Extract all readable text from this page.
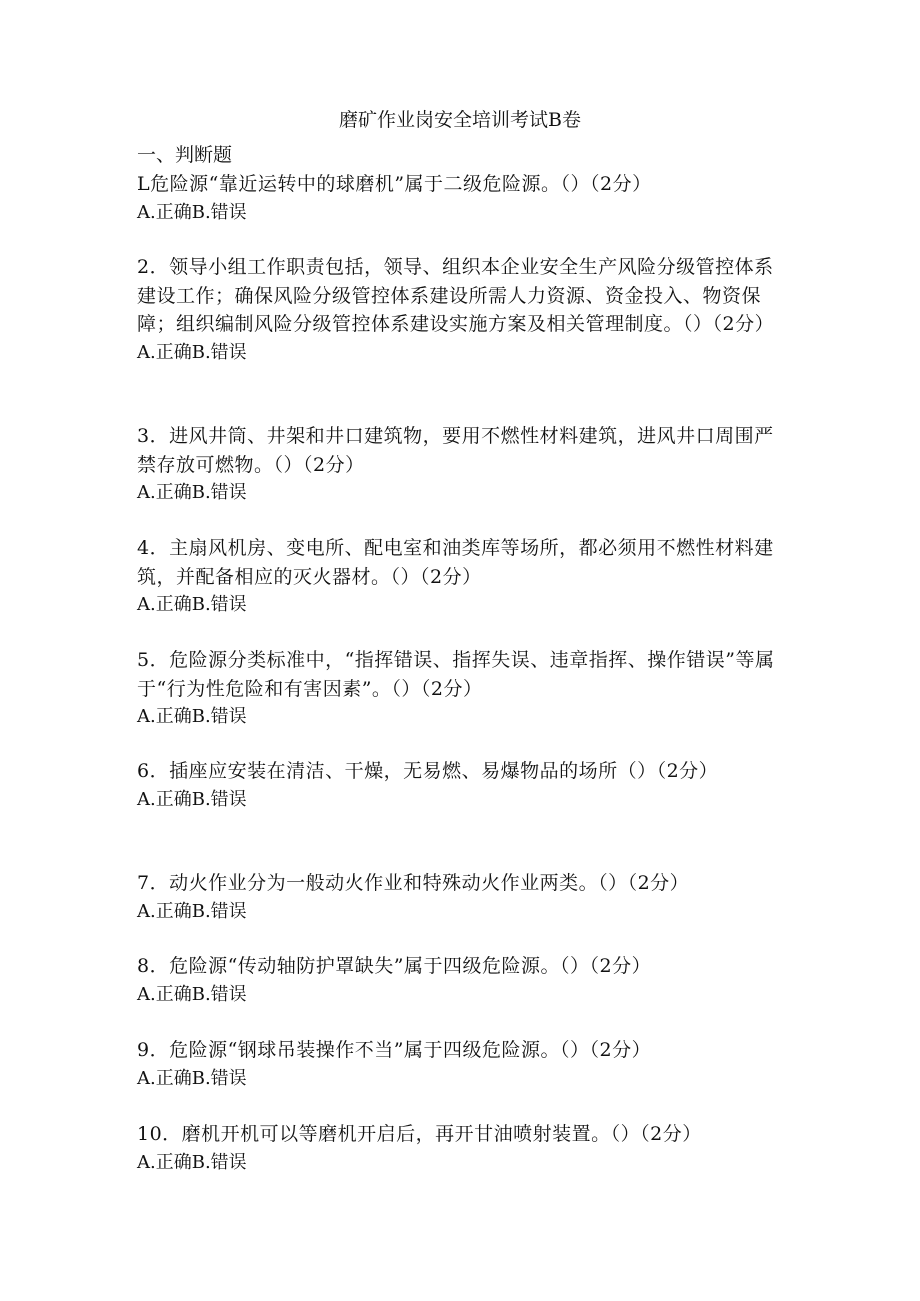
磨矿作业岗安全培训考试B卷
一、判断题

L危险源“靠近运转中的球磨机”属于二级危险源。（）（2分）

A.正确B.错误

2．领导小组工作职责包括，领导、组织本企业安全生产风险分级管控体系建设工作；确保风险分级管控体系建设所需人力资源、资金投入、物资保障；组织编制风险分级管控体系建设实施方案及相关管理制度。（）（2分）

A.正确B.错误

3．进风井筒、井架和井口建筑物，要用不燃性材料建筑，进风井口周围严禁存放可燃物。（）（2分）

A.正确B.错误

4．主扇风机房、变电所、配电室和油类库等场所，都必须用不燃性材料建筑，并配备相应的灭火器材。（）（2分）

A.正确B.错误

5．危险源分类标准中，“指挥错误、指挥失误、违章指挥、操作错误”等属于“行为性危险和有害因素”。（）（2分）

A.正确B.错误

6．插座应安装在清洁、干燥，无易燃、易爆物品的场所（）（2分）

A.正确B.错误

7．动火作业分为一般动火作业和特殊动火作业两类。（）（2分）

A.正确B.错误

8．危险源“传动轴防护罩缺失”属于四级危险源。（）（2分）

A.正确B.错误

9．危险源“钢球吊装操作不当”属于四级危险源。（）（2分）

A.正确B.错误

10．磨机开机可以等磨机开启后，再开甘油喷射装置。（）（2分）

A.正确B.错误
